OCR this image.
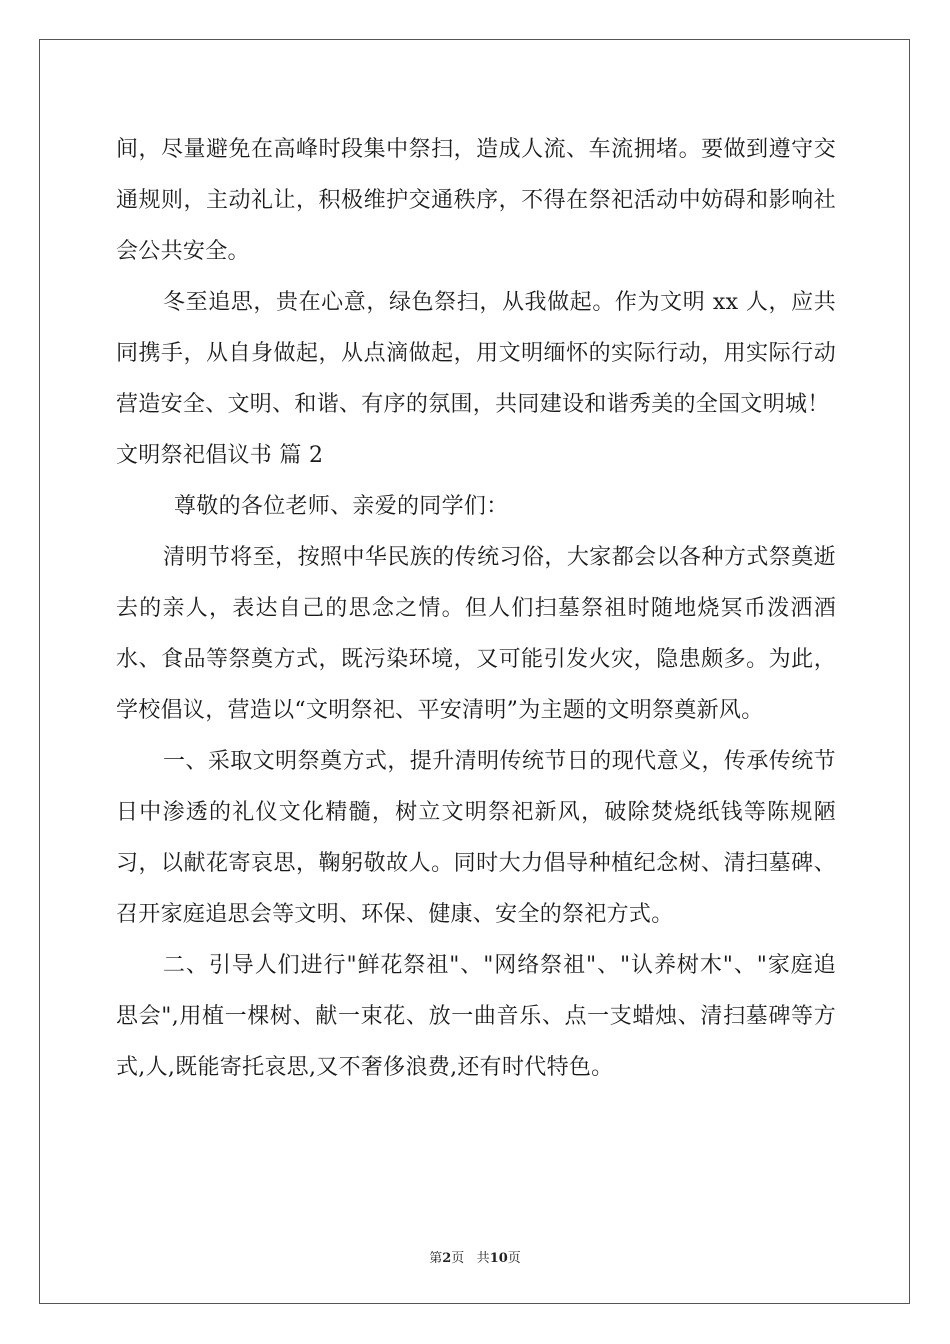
间，尽量避免在高峰时段集中祭扫，造成人流、车流拥堵。要做到遵守交通规则，主动礼让，积极维护交通秩序，不得在祭祀活动中妨碍和影响社会公共安全。

冬至追思，贵在心意，绿色祭扫，从我做起。作为文明 xx 人，应共同携手，从自身做起，从点滴做起，用文明缅怀的实际行动，用实际行动营造安全、文明、和谐、有序的氛围，共同建设和谐秀美的全国文明城！

文明祭祀倡议书 篇 2

尊敬的各位老师、亲爱的同学们：

清明节将至，按照中华民族的传统习俗，大家都会以各种方式祭奠逝去的亲人，表达自己的思念之情。但人们扫墓祭祖时随地烧冥币泼洒酒水、食品等祭奠方式，既污染环境，又可能引发火灾，隐患颇多。为此，学校倡议，营造以“文明祭祀、平安清明”为主题的文明祭奠新风。

一、采取文明祭奠方式，提升清明传统节日的现代意义，传承传统节日中渗透的礼仪文化精髓，树立文明祭祀新风，破除焚烧纸钱等陈规陋习，以献花寄哀思，鞠躬敬故人。同时大力倡导种植纪念树、清扫墓碑、召开家庭追思会等文明、环保、健康、安全的祭祀方式。

二、引导人们进行"鲜花祭祖"、"网络祭祖"、"认养树木"、"家庭追思会",用植一棵树、献一束花、放一曲音乐、点一支蜡烛、清扫墓碑等方式,人,既能寄托哀思,又不奢侈浪费,还有时代特色。

第2页 共10页
